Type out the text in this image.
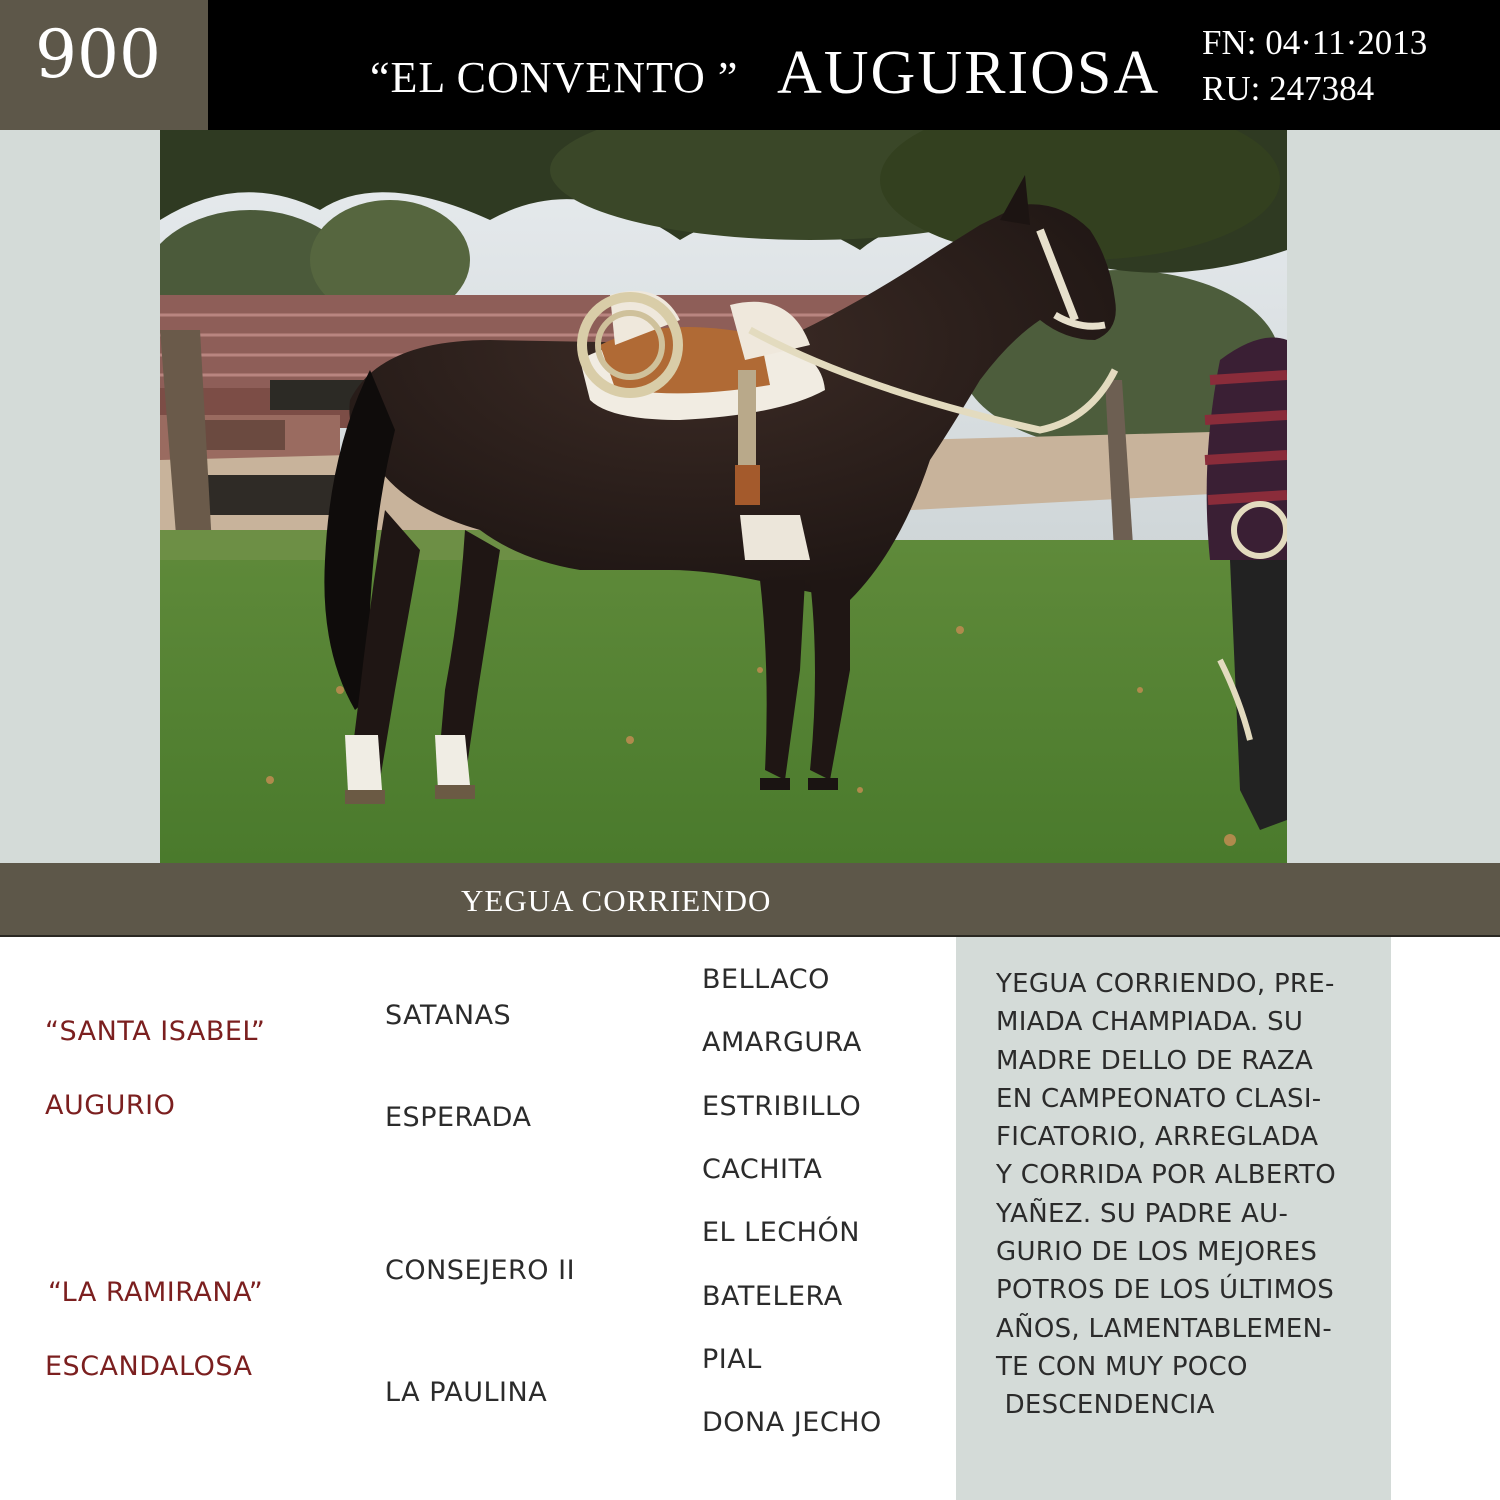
900	“EL CONVENTO ” AUGURIOSA FN: 04·11·2013
RU: 247384
YEGUA CORRIENDO
“SANTA ISABEL”
AUGURIO
“LA RAMIRANA”
ESCANDALOSA
SATANAS
ESPERADA
CONSEJERO II
LA PAULINA
BELLACO
AMARGURA
ESTRIBILLO
CACHITA
EL LECHÓN
BATELERA
PIAL
DONA JECHO
YEGUA CORRIENDO, PRE-
MIADA CHAMPIADA. SU
MADRE DELLO DE RAZA
EN CAMPEONATO CLASI-
FICATORIO, ARREGLADA
Y CORRIDA POR ALBERTO
YAÑEZ. SU PADRE AU-
GURIO DE LOS MEJORES
POTROS DE LOS ÚLTIMOS
AÑOS, LAMENTABLEMEN-
TE CON MUY POCO
DESCENDENCIA
